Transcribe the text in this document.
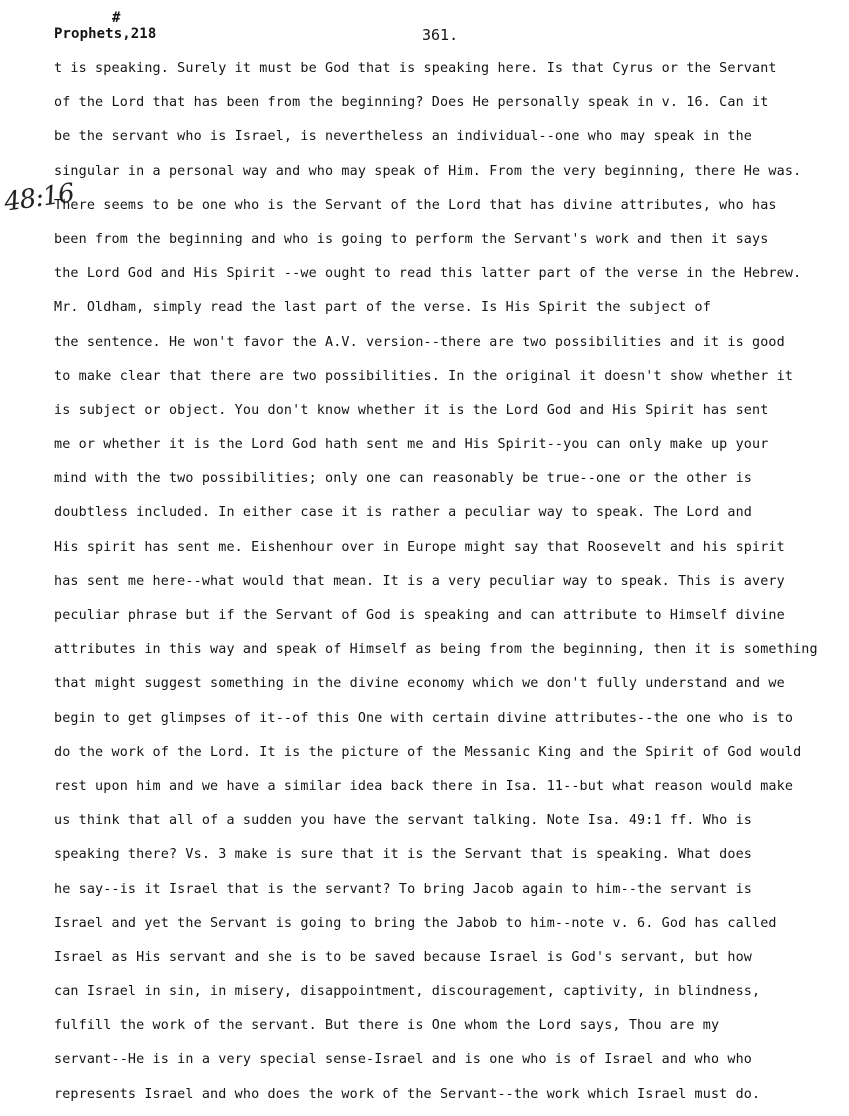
#
Prophets,218	361.
48:16
t is speaking. Surely it must be God that is speaking here. Is that Cyrus or the Servant
of the Lord that has been from the beginning? Does He personally speak in v. 16. Can it
be the servant who is Israel, is nevertheless an individual--one who may speak in the
singular in a personal way and who may speak of Him. From the very beginning, there He was.
There seems to be one who is the Servant of the Lord that has divine attributes, who has
been from the beginning and who is going to perform the Servant's work and then it says
the Lord God and His Spirit --we ought to read this latter part of the verse in the Hebrew.
Mr. Oldham, simply read the last part of the verse. Is His Spirit the subject of
the sentence. He won't favor the A.V. version--there are two possibilities and it is good
to make clear that there are two possibilities. In the original it doesn't show whether it
is subject or object. You don't know whether it is the Lord God and His Spirit has sent
me or whether it is the Lord God hath sent me and His Spirit--you can only make up your
mind with the two possibilities; only one can reasonably be true--one or the other is
doubtless included. In either case it is rather a peculiar way to speak. The Lord and
His spirit has sent me. Eishenhour over in Europe might say that Roosevelt and his spirit
has sent me here--what would that mean. It is a very peculiar way to speak. This is avery
peculiar phrase but if the Servant of God is speaking and can attribute to Himself divine
attributes in this way and speak of Himself as being from the beginning, then it is something
that might suggest something in the divine economy which we don't fully understand and we
begin to get glimpses of it--of this One with certain divine attributes--the one who is to
do the work of the Lord. It is the picture of the Messanic King and the Spirit of God would
rest upon him and we have a similar idea back there in Isa. 11--but what reason would make
us think that all of a sudden you have the servant talking. Note Isa. 49:1 ff. Who is
speaking there? Vs. 3 make is sure that it is the Servant that is speaking. What does
he say--is it Israel that is the servant? To bring Jacob again to him--the servant is
Israel and yet the Servant is going to bring the Jabob to him--note v. 6. God has called
Israel as His servant and she is to be saved because Israel is God's servant, but how
can Israel in sin, in misery, disappointment, discouragement, captivity, in blindness,
fulfill the work of the servant. But there is One whom the Lord says, Thou are my
servant--He is in a very special sense-Israel and is one who is of Israel and who who
represents Israel and who does the work of the Servant--the work which Israel must do.
